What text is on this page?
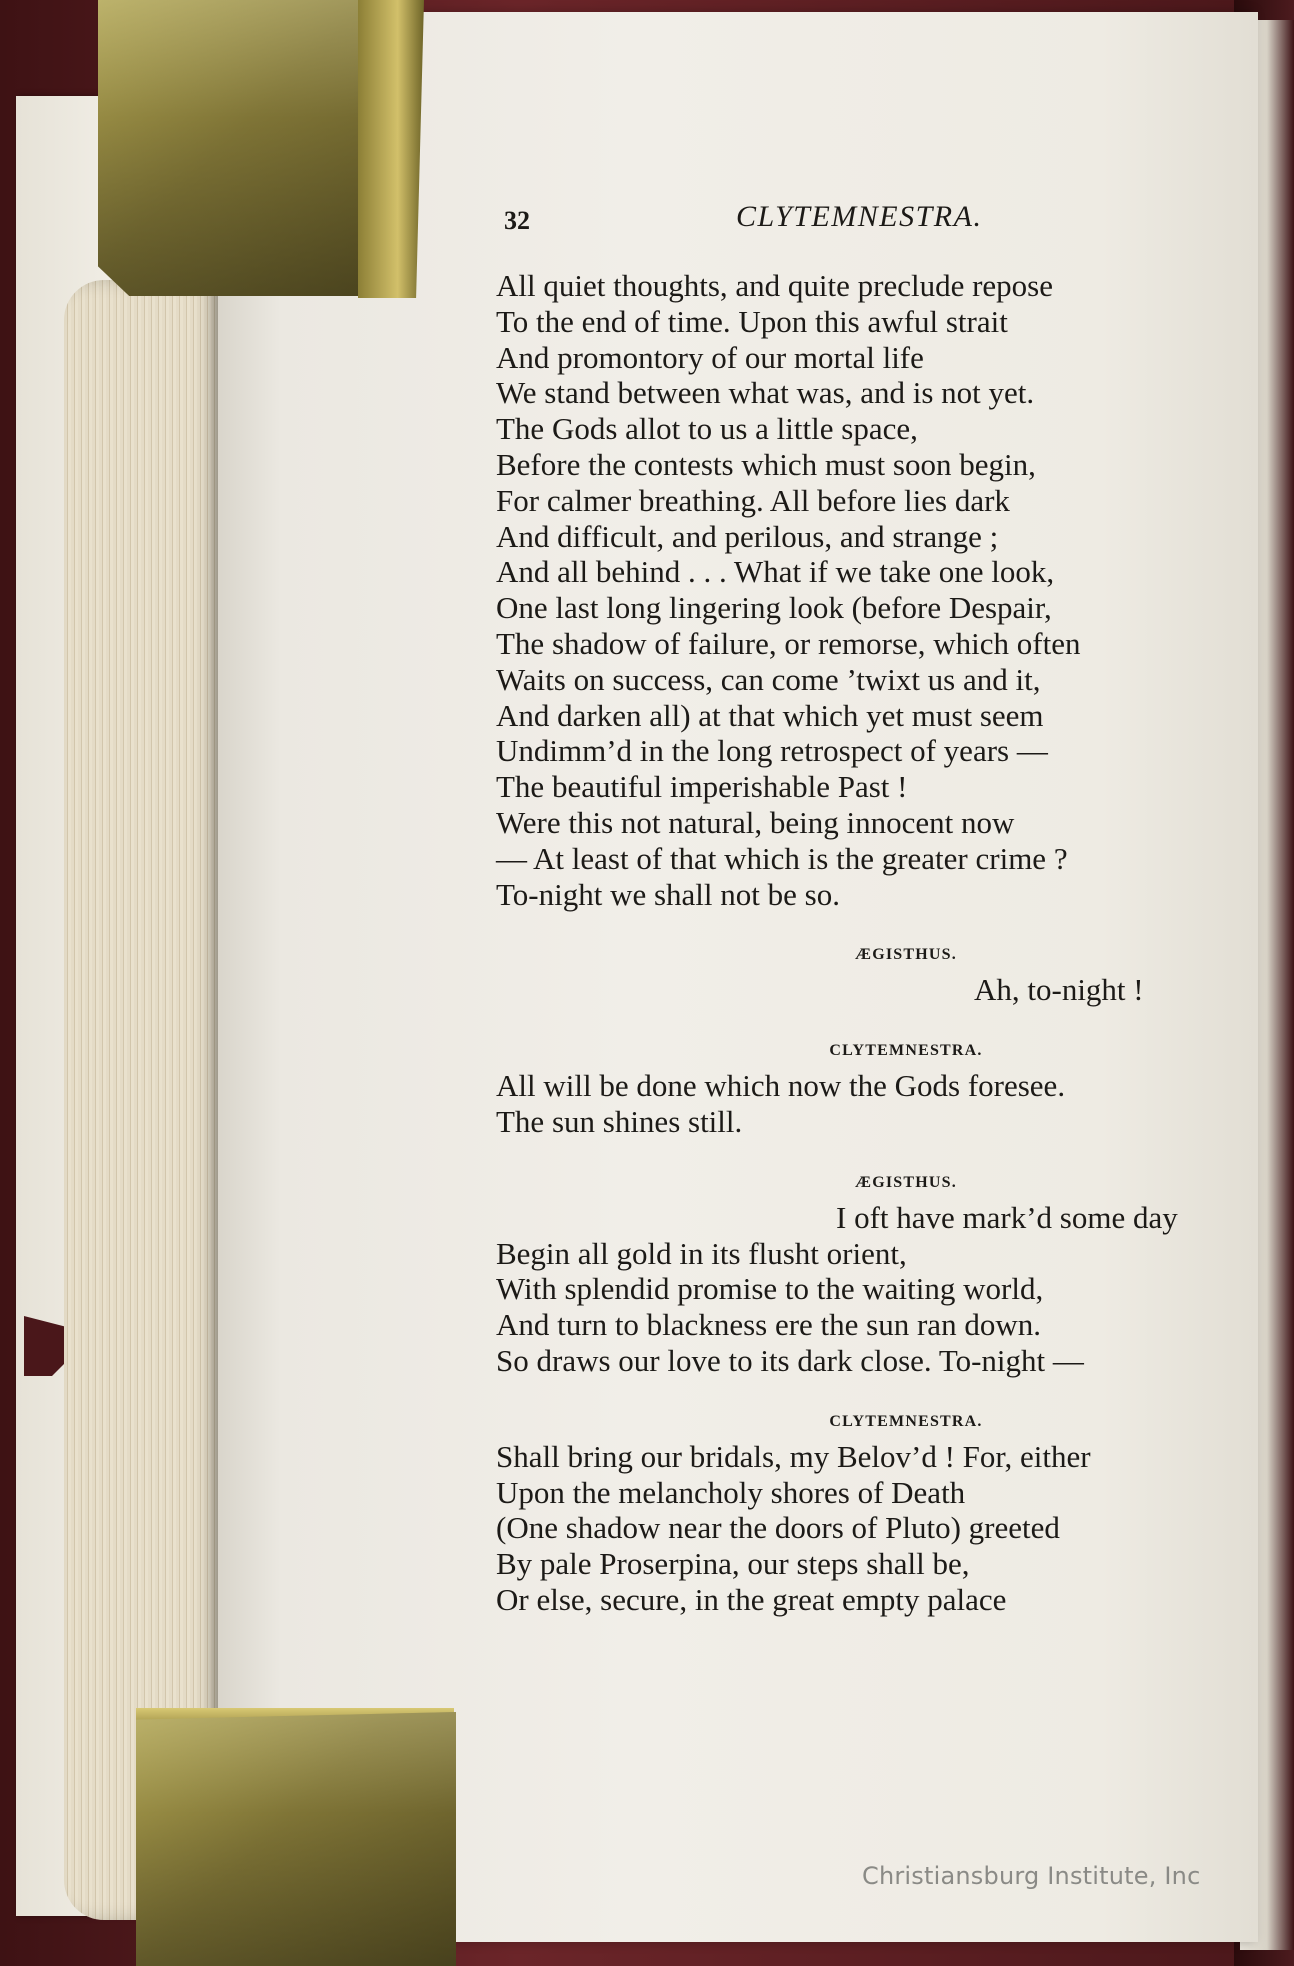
32	CLYTEMNESTRA.
All quiet thoughts, and quite preclude repose
To the end of time. Upon this awful strait
And promontory of our mortal life
We stand between what was, and is not yet.
The Gods allot to us a little space,
Before the contests which must soon begin,
For calmer breathing. All before lies dark
And difficult, and perilous, and strange ;
And all behind . . . What if we take one look,
One last long lingering look (before Despair,
The shadow of failure, or remorse, which often
Waits on success, can come ’twixt us and it,
And darken all) at that which yet must seem
Undimm’d in the long retrospect of years —
The beautiful imperishable Past !
Were this not natural, being innocent now
— At least of that which is the greater crime ?
To-night we shall not be so.
ÆGISTHUS.
Ah, to-night !
CLYTEMNESTRA.
All will be done which now the Gods foresee.
The sun shines still.
ÆGISTHUS.
I oft have mark’d some day
Begin all gold in its flusht orient,
With splendid promise to the waiting world,
And turn to blackness ere the sun ran down.
So draws our love to its dark close. To-night —
CLYTEMNESTRA.
Shall bring our bridals, my Belov’d ! For, either
Upon the melancholy shores of Death
(One shadow near the doors of Pluto) greeted
By pale Proserpina, our steps shall be,
Or else, secure, in the great empty palace
Christiansburg Institute, Inc
